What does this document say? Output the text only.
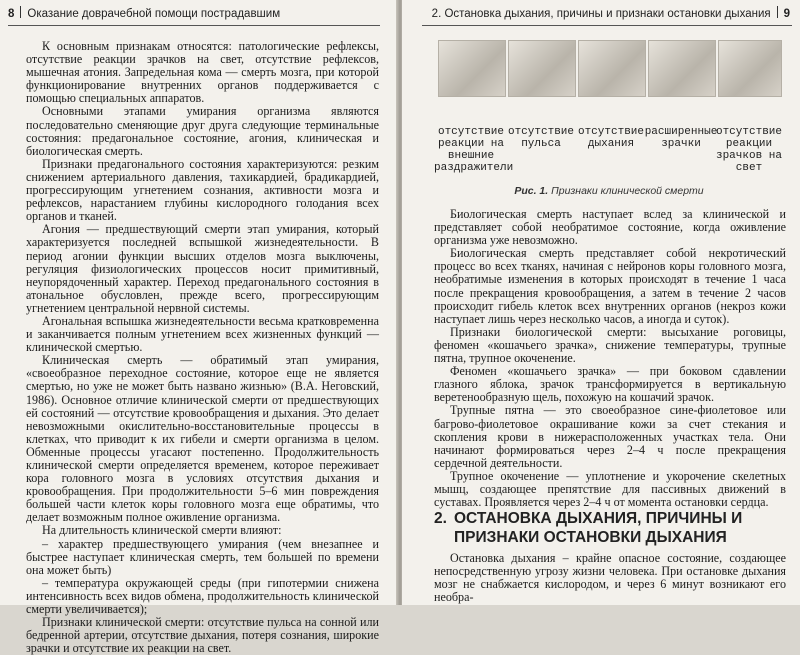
8 Оказание доврачебной помощи пострадавшим

К основным признакам относятся: патологические рефлексы, отсутствие реакции зрачков на свет, отсутствие рефлексов, мышечная атония. Запредельная кома — смерть мозга, при которой функционирование внутренних органов поддерживается с помощью специальных аппаратов.

Основными этапами умирания организма являются последовательно сменяющие друг друга следующие терминальные состояния: предагональное состояние, агония, клиническая и биологическая смерть.

Признаки предагонального состояния характеризуются: резким снижением артериального давления, тахикардией, брадикардией, прогрессирующим угнетением сознания, активности мозга и рефлексов, нарастанием глубины кислородного голодания всех органов и тканей.

Агония — предшествующий смерти этап умирания, который характеризуется последней вспышкой жизнедеятельности. В период агонии функции высших отделов мозга выключены, регуляция физиологических процессов носит примитивный, неупорядоченный характер. Переход предагонального состояния в атональное обусловлен, прежде всего, прогрессирующим угнетением центральной нервной системы.

Агональная вспышка жизнедеятельности весьма кратковременна и заканчивается полным угнетением всех жизненных функций — клинической смертью.

Клиническая смерть — обратимый этап умирания, «своеобразное переходное состояние, которое еще не является смертью, но уже не может быть названо жизнью» (В.А. Неговский, 1986). Основное отличие клинической смерти от предшествующих ей состояний — отсутствие кровообращения и дыхания. Это делает невозможными окислительно-восстановительные процессы в клетках, что приводит к их гибели и смерти организма в целом. Обменные процессы угасают постепенно. Продолжительность клинической смерти определяется временем, которое переживает кора головного мозга в условиях отсутствия дыхания и кровообращения. При продолжительности 5–6 мин повреждения большей части клеток коры головного мозга еще обратимы, что делает возможным полное оживление организма.

На длительность клинической смерти влияют:

– характер предшествующего умирания (чем внезапнее и быстрее наступает клиническая смерть, тем большей по времени она может быть)

– температура окружающей среды (при гипотермии снижена интенсивность всех видов обмена, продолжительность клинической смерти увеличивается);

Признаки клинической смерти: отсутствие пульса на сонной или бедренной артерии, отсутствие дыхания, потеря сознания, широкие зрачки и отсутствие их реакции на свет.

2. Остановка дыхания, причины и признаки остановки дыхания 9
отсутствие реакции на внешние раздражители
отсутствие пульса
отсутствие дыхания
расширенные зрачки
отсутствие реакции зрачков на свет
Рис. 1. Признаки клинической смерти

Биологическая смерть наступает вслед за клинической и представляет собой необратимое состояние, когда оживление организма уже невозможно.

Биологическая смерть представляет собой некротический процесс во всех тканях, начиная с нейронов коры головного мозга, необратимые изменения в которых происходят в течение 1 часа после прекращения кровообращения, а затем в течение 2 часов происходит гибель клеток всех внутренних органов (некроз кожи наступает лишь через несколько часов, а иногда и суток).

Признаки биологической смерти: высыхание роговицы, феномен «кошачьего зрачка», снижение температуры, трупные пятна, трупное окоченение.

Феномен «кошачьего зрачка» — при боковом сдавлении глазного яблока, зрачок трансформируется в вертикальную веретенообразную щель, похожую на кошачий зрачок.

Трупные пятна — это своеобразное сине-фиолетовое или багрово-фиолетовое окрашивание кожи за счет стекания и скопления крови в нижерасположенных участках тела. Они начинают формироваться через 2–4 ч после прекращения сердечной деятельности.

Трупное окоченение — уплотнение и укорочение скелетных мышц, создающее препятствие для пассивных движений в суставах. Проявляется через 2–4 ч от момента остановки сердца.

2. ОСТАНОВКА ДЫХАНИЯ, ПРИЧИНЫ И ПРИЗНАКИ ОСТАНОВКИ ДЫХАНИЯ

Остановка дыхания – крайне опасное состояние, создающее непосредственную угрозу жизни человека. При остановке дыхания мозг не снабжается кислородом, и через 6 минут возникают его необра-
